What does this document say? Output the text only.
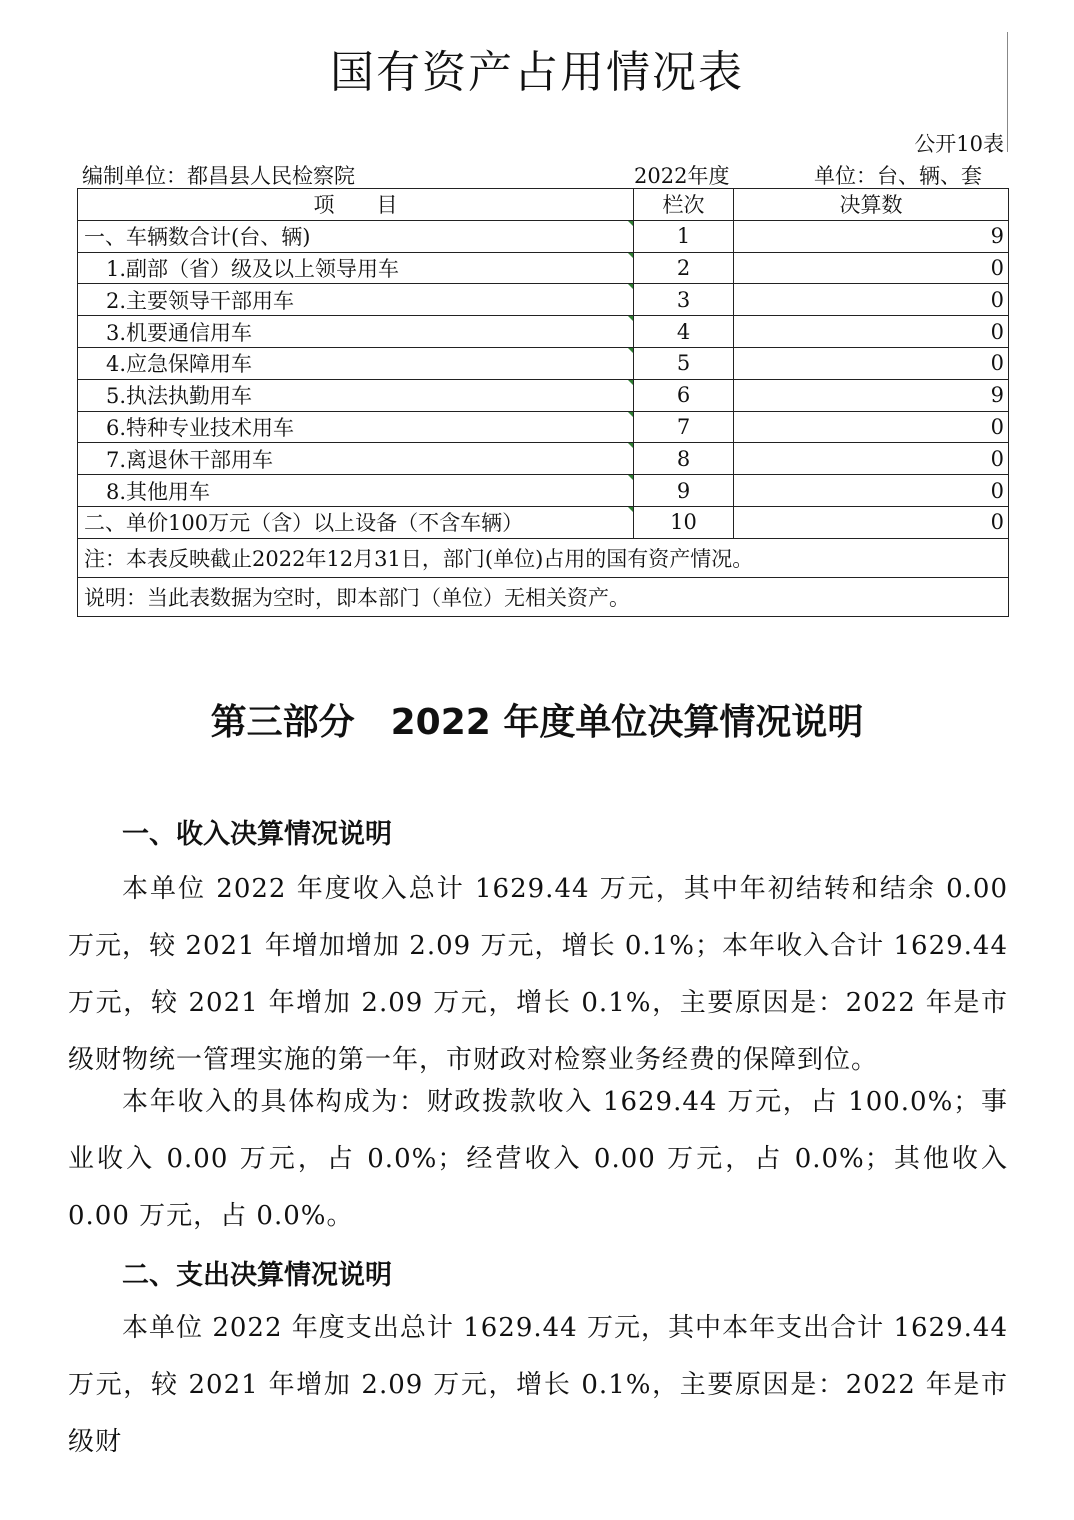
国有资产占用情况表
公开10表
编制单位：都昌县人民检察院	2022年度	单位：台、辆、套
项　　目	栏次	决算数
一、车辆数合计(台、辆)	1	9
1.副部（省）级及以上领导用车	2	0
2.主要领导干部用车	3	0
3.机要通信用车	4	0
4.应急保障用车	5	0
5.执法执勤用车	6	9
6.特种专业技术用车	7	0
7.离退休干部用车	8	0
8.其他用车	9	0
二、单价100万元（含）以上设备（不含车辆）	10	0
注：本表反映截止2022年12月31日，部门(单位)占用的国有资产情况。		
说明：当此表数据为空时，即本部门（单位）无相关资产。		
第三部分　2022 年度单位决算情况说明
一、收入决算情况说明
本单位 2022 年度收入总计 1629.44 万元，其中年初结转和结余 0.00 万元，较 2021 年增加增加 2.09 万元，增长 0.1%；本年收入合计 1629.44 万元，较 2021 年增加 2.09 万元，增长 0.1%，主要原因是：2022 年是市级财物统一管理实施的第一年，市财政对检察业务经费的保障到位。
本年收入的具体构成为：财政拨款收入 1629.44 万元，占 100.0%；事业收入 0.00 万元，占 0.0%；经营收入 0.00 万元，占 0.0%；其他收入 0.00 万元，占 0.0%。
二、支出决算情况说明
本单位 2022 年度支出总计 1629.44 万元，其中本年支出合计 1629.44 万元，较 2021 年增加 2.09 万元，增长 0.1%，主要原因是：2022 年是市级财
